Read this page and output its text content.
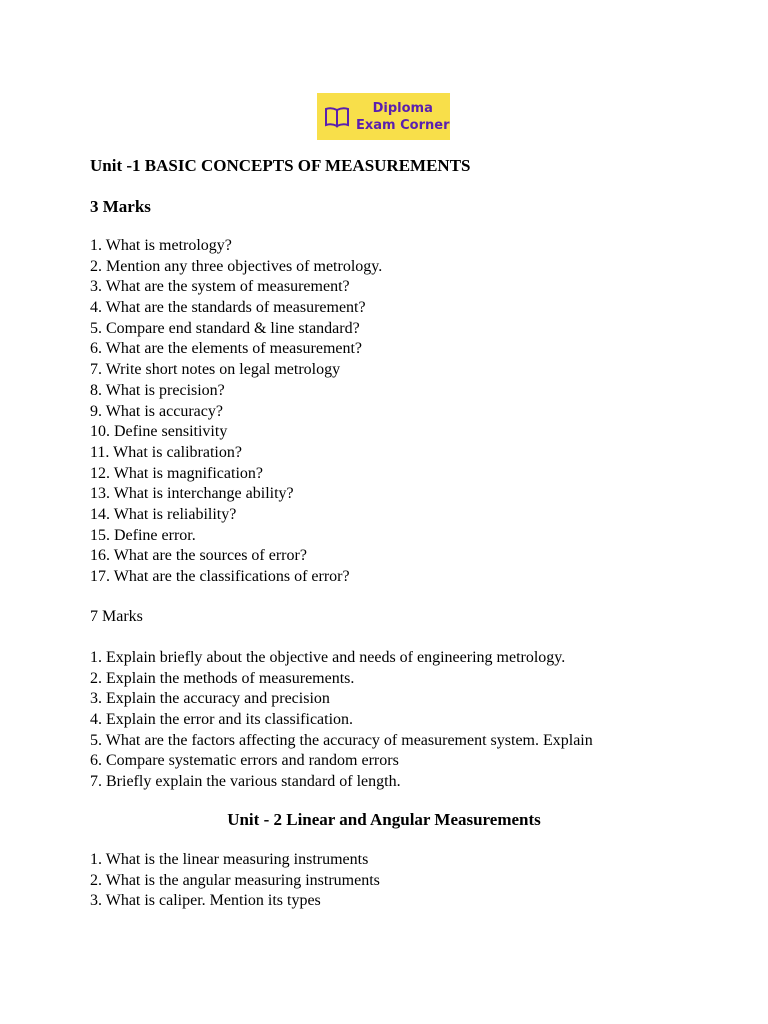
Diploma
Exam Corner
Unit -1 BASIC CONCEPTS OF MEASUREMENTS
3 Marks
1. What is metrology?
2. Mention any three objectives of metrology.
3. What are the system of measurement?
4. What are the standards of measurement?
5. Compare end standard & line standard?
6. What are the elements of measurement?
7. Write short notes on legal metrology
8. What is precision?
9. What is accuracy?
10. Define sensitivity
11. What is calibration?
12. What is magnification?
13. What is interchange ability?
14. What is reliability?
15. Define error.
16. What are the sources of error?
17. What are the classifications of error?
7 Marks
1. Explain briefly about the objective and needs of engineering metrology.
2. Explain the methods of measurements.
3. Explain the accuracy and precision
4. Explain the error and its classification.
5. What are the factors affecting the accuracy of measurement system. Explain
6. Compare systematic errors and random errors
7. Briefly explain the various standard of length.
Unit - 2 Linear and Angular Measurements
1. What is the linear measuring instruments
2. What is the angular measuring instruments
3. What is caliper. Mention its types
